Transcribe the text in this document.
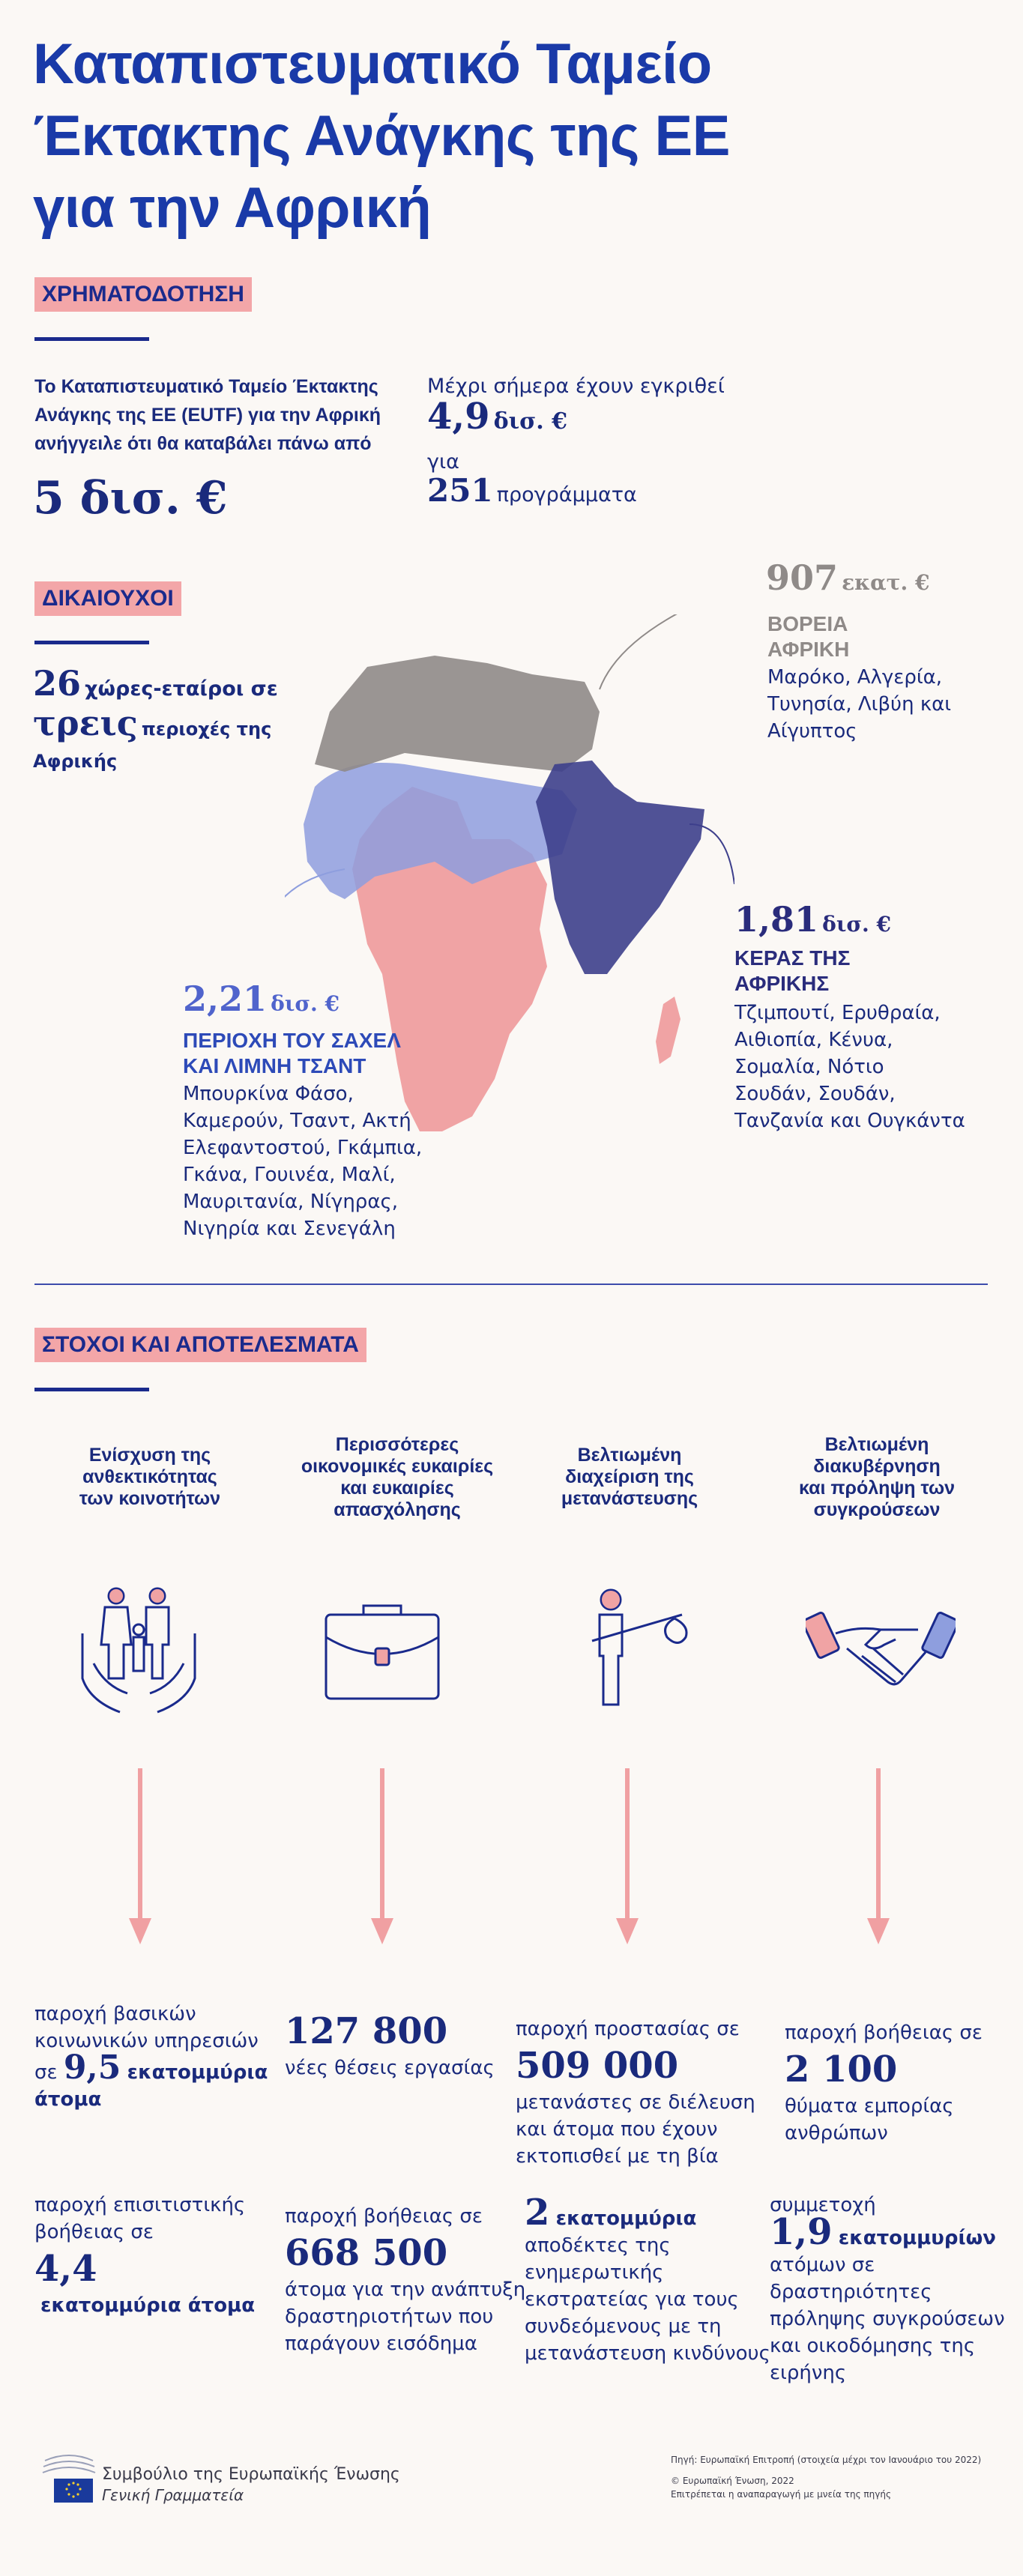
Καταπιστευματικό Ταμείο
Έκτακτης Ανάγκης της ΕΕ
για την Αφρική
ΧΡΗΜΑΤΟΔΟΤΗΣΗ
Το Καταπιστευματικό Ταμείο Έκτακτης
Ανάγκης της ΕΕ (EUTF) για την Αφρική
ανήγγειλε ότι θα καταβάλει πάνω από
5 δισ. €
Μέχρι σήμερα έχουν εγκριθεί
4,9 δισ. €
για
251 προγράμματα
ΔΙΚΑΙΟΥΧΟΙ
26 χώρες-εταίροι σε
τρεις περιοχές της
Αφρικής
907 εκατ. €
ΒΟΡΕΙΑ
ΑΦΡΙΚΗ
Μαρόκο, Αλγερία,
Τυνησία, Λιβύη και
Αίγυπτος
1,81 δισ. €
ΚΕΡΑΣ ΤΗΣ
ΑΦΡΙΚΗΣ
Τζιμπουτί, Ερυθραία,
Αιθιοπία, Κένυα,
Σομαλία, Νότιο
Σουδάν, Σουδάν,
Τανζανία και Ουγκάντα
2,21 δισ. €
ΠΕΡΙΟΧΗ ΤΟΥ ΣΑΧΕΛ
ΚΑΙ ΛΙΜΝΗ ΤΣΑΝΤ
Μπουρκίνα Φάσο,
Καμερούν, Τσαντ, Ακτή
Ελεφαντοστού, Γκάμπια,
Γκάνα, Γουινέα, Μαλί,
Μαυριτανία, Νίγηρας,
Νιγηρία και Σενεγάλη
ΣΤΟΧΟΙ ΚΑΙ ΑΠΟΤΕΛΕΣΜΑΤΑ
Ενίσχυση της
ανθεκτικότητας
των κοινοτήτων
Περισσότερες
οικονομικές ευκαιρίες
και ευκαιρίες
απασχόλησης
Βελτιωμένη
διαχείριση της
μετανάστευσης
Βελτιωμένη
διακυβέρνηση
και πρόληψη των
συγκρούσεων
παροχή βασικών
κοινωνικών υπηρεσιών
σε 9,5 εκατομμύρια
άτομα
παροχή επισιτιστικής
βοήθειας σε
4,4
εκατομμύρια άτομα
127 800
νέες θέσεις εργασίας
παροχή βοήθειας σε
668 500
άτομα για την ανάπτυξη
δραστηριοτήτων που
παράγουν εισόδημα
παροχή προστασίας σε
509 000
μετανάστες σε διέλευση
και άτομα που έχουν
εκτοπισθεί με τη βία
2 εκατομμύρια
αποδέκτες της
ενημερωτικής
εκστρατείας για τους
συνδεόμενους με τη
μετανάστευση κινδύνους
παροχή βοήθειας σε
2 100
θύματα εμπορίας
ανθρώπων
συμμετοχή
1,9 εκατομμυρίων
ατόμων σε
δραστηριότητες
πρόληψης συγκρούσεων
και οικοδόμησης της
ειρήνης
Συμβούλιο της Ευρωπαϊκής Ένωσης
Γενική Γραμματεία
Πηγή: Ευρωπαϊκή Επιτροπή (στοιχεία μέχρι τον Ιανουάριο του 2022)
© Ευρωπαϊκή Ένωση, 2022
Επιτρέπεται η αναπαραγωγή με μνεία της πηγής
